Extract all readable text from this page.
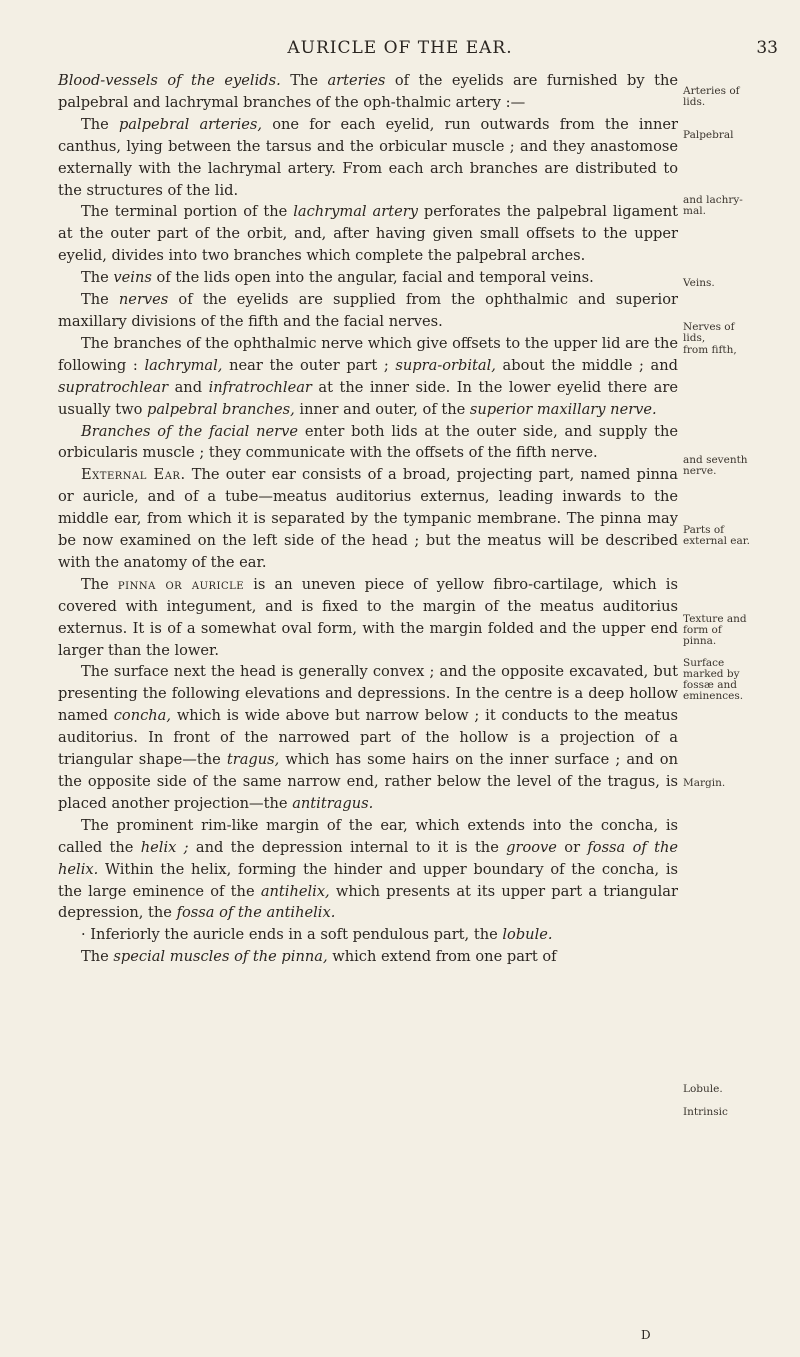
AURICLE OF THE EAR.	33

Blood-vessels of the eyelids. The arteries of the eyelids are furnished by the palpebral and lachrymal branches of the oph-thalmic artery :—

The palpebral arteries, one for each eyelid, run outwards from the inner canthus, lying between the tarsus and the orbicular muscle ; and they anastomose externally with the lachrymal artery. From each arch branches are distributed to the structures of the lid.

The terminal portion of the lachrymal artery perforates the palpebral ligament at the outer part of the orbit, and, after having given small offsets to the upper eyelid, divides into two branches which complete the palpebral arches.

The veins of the lids open into the angular, facial and temporal veins.

The nerves of the eyelids are supplied from the ophthalmic and superior maxillary divisions of the fifth and the facial nerves.

The branches of the ophthalmic nerve which give offsets to the upper lid are the following : lachrymal, near the outer part ; supra-orbital, about the middle ; and supratrochlear and infratrochlear at the inner side. In the lower eyelid there are usually two palpebral branches, inner and outer, of the superior maxillary nerve.

Branches of the facial nerve enter both lids at the outer side, and supply the orbicularis muscle ; they communicate with the offsets of the fifth nerve.

External Ear. The outer ear consists of a broad, projecting part, named pinna or auricle, and of a tube—meatus auditorius externus, leading inwards to the middle ear, from which it is separated by the tympanic membrane. The pinna may be now examined on the left side of the head ; but the meatus will be described with the anatomy of the ear.

The pinna or auricle is an uneven piece of yellow fibro-cartilage, which is covered with integument, and is fixed to the margin of the meatus auditorius externus. It is of a somewhat oval form, with the margin folded and the upper end larger than the lower.

The surface next the head is generally convex ; and the opposite excavated, but presenting the following elevations and depressions. In the centre is a deep hollow named concha, which is wide above but narrow below ; it conducts to the meatus auditorius. In front of the narrowed part of the hollow is a projection of a triangular shape—the tragus, which has some hairs on the inner surface ; and on the opposite side of the same narrow end, rather below the level of the tragus, is placed another projection—the antitragus.

The prominent rim-like margin of the ear, which extends into the concha, is called the helix ; and the depression internal to it is the groove or fossa of the helix. Within the helix, forming the hinder and upper boundary of the concha, is the large eminence of the antihelix, which presents at its upper part a triangular depression, the fossa of the antihelix.

· Inferiorly the auricle ends in a soft pendulous part, the lobule.

The special muscles of the pinna, which extend from one part of

Arteries of
lids.
Palpebral
and lachry-
mal.
Veins.
Nerves of
lids,
from fifth,
and seventh
nerve.
Parts of
external ear.
Texture and
form of
pinna.
Surface
marked by
fossæ and
eminences.
Margin.
Lobule.
Intrinsic
D
